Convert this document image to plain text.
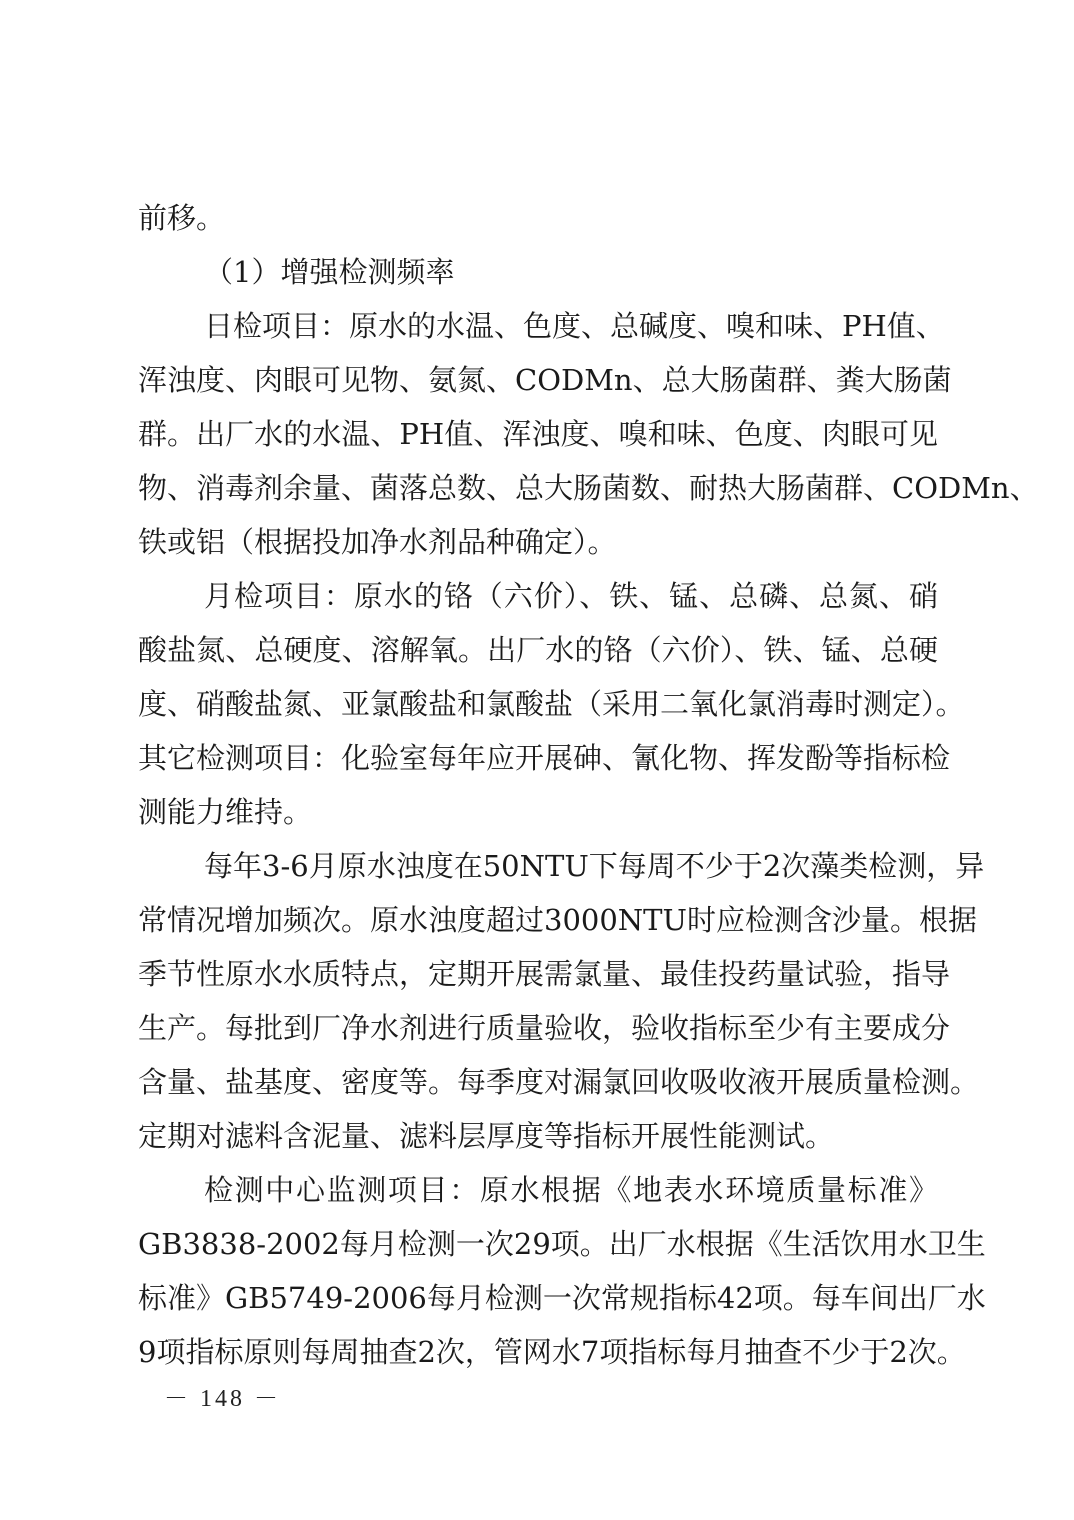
前移。
（1）增强检测频率
日检项目：原水的水温、色度、总碱度、嗅和味、PH值、
浑浊度、肉眼可见物、氨氮、CODMn、总大肠菌群、粪大肠菌
群。出厂水的水温、PH值、浑浊度、嗅和味、色度、肉眼可见
物、消毒剂余量、菌落总数、总大肠菌数、耐热大肠菌群、CODMn、
铁或铝（根据投加净水剂品种确定）。
月检项目：原水的铬（六价）、铁、锰、总磷、总氮、硝
酸盐氮、总硬度、溶解氧。出厂水的铬（六价）、铁、锰、总硬
度、硝酸盐氮、亚氯酸盐和氯酸盐（采用二氧化氯消毒时测定）。
其它检测项目：化验室每年应开展砷、氰化物、挥发酚等指标检
测能力维持。
每年3-6月原水浊度在50NTU下每周不少于2次藻类检测，异
常情况增加频次。原水浊度超过3000NTU时应检测含沙量。根据
季节性原水水质特点，定期开展需氯量、最佳投药量试验，指导
生产。每批到厂净水剂进行质量验收，验收指标至少有主要成分
含量、盐基度、密度等。每季度对漏氯回收吸收液开展质量检测。
定期对滤料含泥量、滤料层厚度等指标开展性能测试。
检测中心监测项目：原水根据《地表水环境质量标准》
GB3838-2002每月检测一次29项。出厂水根据《生活饮用水卫生
标准》GB5749-2006每月检测一次常规指标42项。每车间出厂水
9项指标原则每周抽查2次，管网水7项指标每月抽查不少于2次。
－ 148 －
